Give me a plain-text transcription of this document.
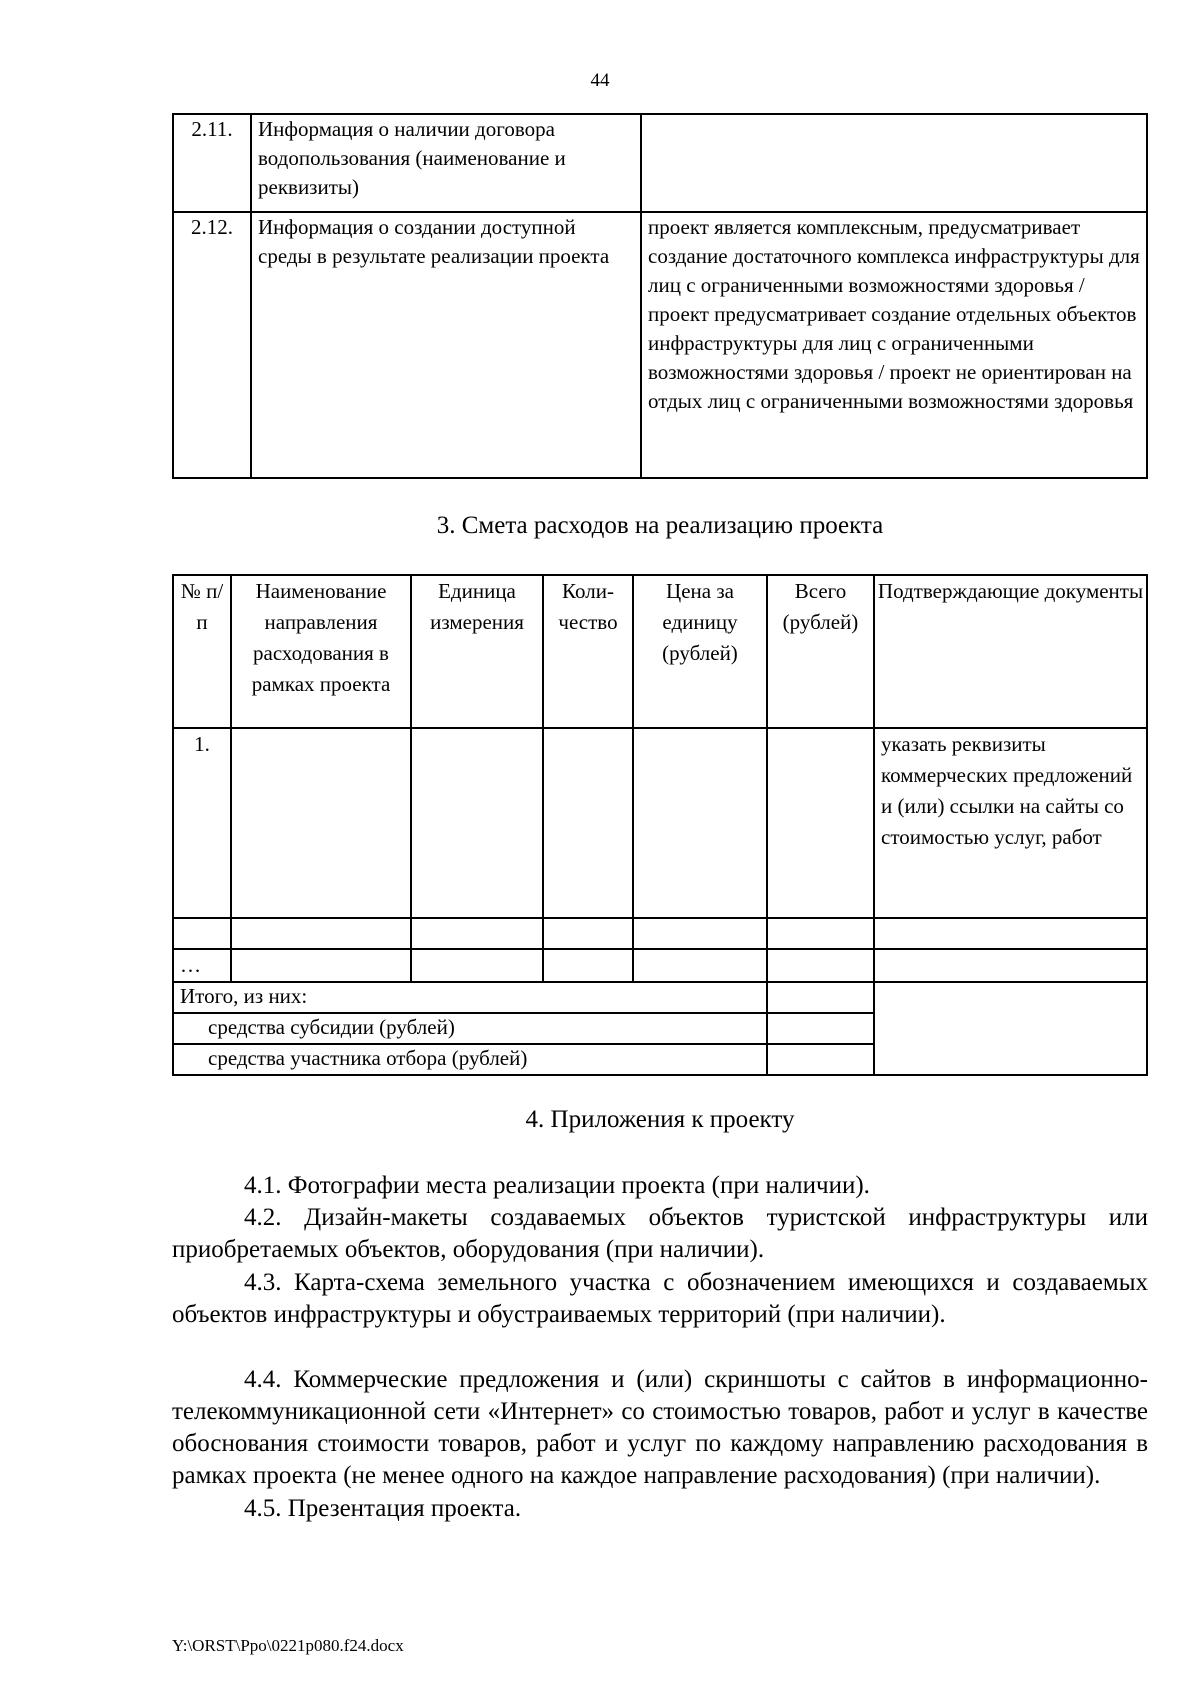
44
2.11.	Информация о наличии договора водопользования (наименование и реквизиты)	
2.12.	Информация о создании доступной среды в результате реализации проекта	проект является комплексным, предусматривает создание достаточного комплекса инфраструктуры для лиц с ограниченными возможностями здоровья / проект предусматривает создание отдельных объектов инфраструктуры для лиц с ограниченными возможностями здоровья / проект не ориентирован на отдых лиц с ограниченными возможностями здоровья
3. Смета расходов на реализацию проекта
№ п/п	Наименование направления расходования в рамках проекта	Единица измерения	Коли-чество	Цена за единицу (рублей)	Всего (рублей)	Подтверждающие документы
1.						указать реквизиты коммерческих предложений и (или) ссылки на сайты со стоимостью услуг, работ

…						
Итого, из них:						
средства субсидии (рублей)						
средства участника отбора (рублей)						
4. Приложения к проекту

4.1. Фотографии места реализации проекта (при наличии).

4.2. Дизайн-макеты создаваемых объектов туристской инфраструктуры или приобретаемых объектов, оборудования (при наличии).

4.3. Карта-схема земельного участка с обозначением имеющихся и создаваемых объектов инфраструктуры и обустраиваемых территорий (при наличии).

4.4. Коммерческие предложения и (или) скриншоты с сайтов в информационно-телекоммуникационной сети «Интернет» со стоимостью товаров, работ и услуг в качестве обоснования стоимости товаров, работ и услуг по каждому направлению расходования в рамках проекта (не менее одного на каждое направление расходования) (при наличии).

4.5. Презентация проекта.

Y:\ORST\Ppo\0221p080.f24.docx
